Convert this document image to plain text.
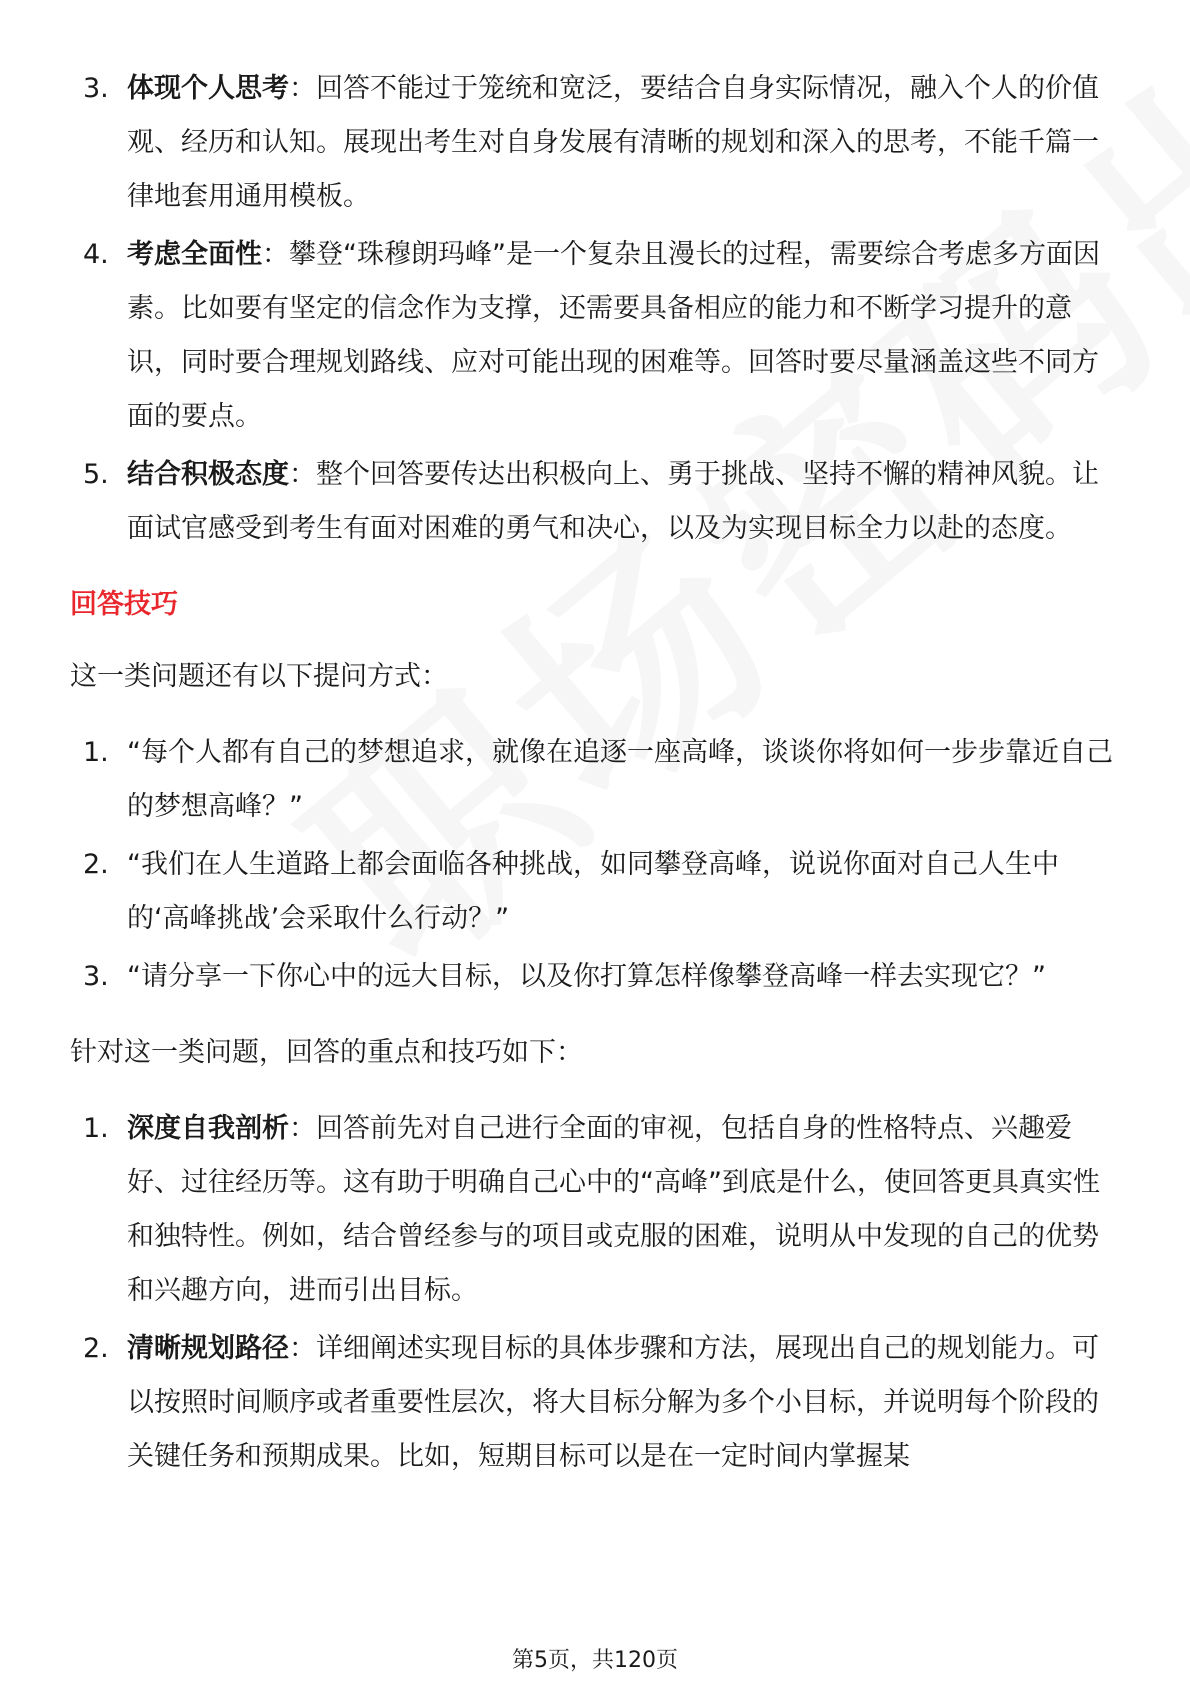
3. 体现个人思考：回答不能过于笼统和宽泛，要结合自身实际情况，融入个人的价值观、经历和认知。展现出考生对自身发展有清晰的规划和深入的思考，不能千篇一律地套用通用模板。
4. 考虑全面性：攀登“珠穆朗玛峰”是一个复杂且漫长的过程，需要综合考虑多方面因素。比如要有坚定的信念作为支撑，还需要具备相应的能力和不断学习提升的意识，同时要合理规划路线、应对可能出现的困难等。回答时要尽量涵盖这些不同方面的要点。
5. 结合积极态度：整个回答要传达出积极向上、勇于挑战、坚持不懈的精神风貌。让面试官感受到考生有面对困难的勇气和决心，以及为实现目标全力以赴的态度。
回答技巧
这一类问题还有以下提问方式：
1. “每个人都有自己的梦想追求，就像在追逐一座高峰，谈谈你将如何一步步靠近自己的梦想高峰？”
2. “我们在人生道路上都会面临各种挑战，如同攀登高峰，说说你面对自己人生中的‘高峰挑战’会采取什么行动？”
3. “请分享一下你心中的远大目标，以及你打算怎样像攀登高峰一样去实现它？”
针对这一类问题，回答的重点和技巧如下：
1. 深度自我剖析：回答前先对自己进行全面的审视，包括自身的性格特点、兴趣爱好、过往经历等。这有助于明确自己心中的“高峰”到底是什么，使回答更具真实性和独特性。例如，结合曾经参与的项目或克服的困难，说明从中发现的自己的优势和兴趣方向，进而引出目标。
2. 清晰规划路径：详细阐述实现目标的具体步骤和方法，展现出自己的规划能力。可以按照时间顺序或者重要性层次，将大目标分解为多个小目标，并说明每个阶段的关键任务和预期成果。比如，短期目标可以是在一定时间内掌握某
第5页，共120页
